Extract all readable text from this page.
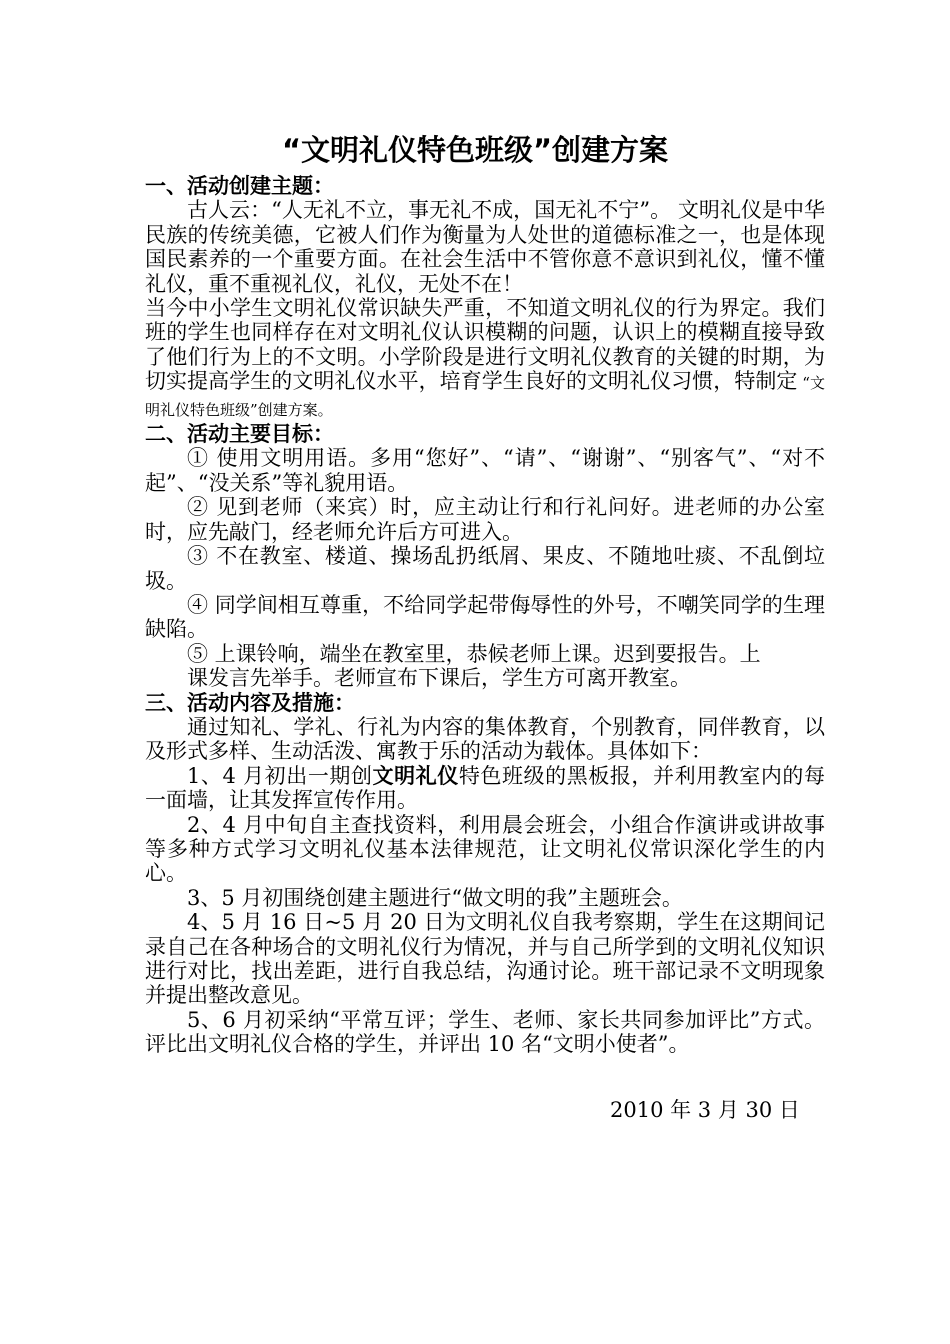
“文明礼仪特色班级”创建方案
一、活动创建主题：

古人云：“人无礼不立，事无礼不成，国无礼不宁”。 文明礼仪是中华民族的传统美德，它被人们作为衡量为人处世的道德标准之一，也是体现国民素养的一个重要方面。在社会生活中不管你意不意识到礼仪，懂不懂礼仪，重不重视礼仪，礼仪，无处不在！

当今中小学生文明礼仪常识缺失严重，不知道文明礼仪的行为界定。我们班的学生也同样存在对文明礼仪认识模糊的问题，认识上的模糊直接导致了他们行为上的不文明。小学阶段是进行文明礼仪教育的关键的时期，为切实提高学生的文明礼仪水平，培育学生良好的文明礼仪习惯，特制定 “文明礼仪特色班级”创建方案。

二、活动主要目标：

① 使用文明用语。多用“您好”、“请”、“谢谢”、“别客气”、“对不起”、“没关系”等礼貌用语。

② 见到老师（来宾）时，应主动让行和行礼问好。进老师的办公室时，应先敲门，经老师允许后方可进入。

③ 不在教室、楼道、操场乱扔纸屑、果皮、不随地吐痰、不乱倒垃圾。

④ 同学间相互尊重，不给同学起带侮辱性的外号，不嘲笑同学的生理缺陷。

⑤ 上课铃响，端坐在教室里，恭候老师上课。迟到要报告。上
课发言先举手。老师宣布下课后，学生方可离开教室。

三、活动内容及措施：

通过知礼、学礼、行礼为内容的集体教育，个别教育，同伴教育，以及形式多样、生动活泼、寓教于乐的活动为载体。具体如下：

1、4 月初出一期创文明礼仪特色班级的黑板报，并利用教室内的每一面墙，让其发挥宣传作用。

2、4 月中旬自主查找资料，利用晨会班会，小组合作演讲或讲故事 等多种方式学习文明礼仪基本法律规范，让文明礼仪常识深化学生的内心。

3、5 月初围绕创建主题进行“做文明的我”主题班会。

4、5 月 16 日~5 月 20 日为文明礼仪自我考察期，学生在这期间记录自己在各种场合的文明礼仪行为情况，并与自己所学到的文明礼仪知识进行对比，找出差距，进行自我总结，沟通讨论。班干部记录不文明现象并提出整改意见。

5、6 月初采纳“平常互评；学生、老师、家长共同参加评比”方式。评比出文明礼仪合格的学生，并评出 10 名“文明小使者”。

2010 年 3 月 30 日
